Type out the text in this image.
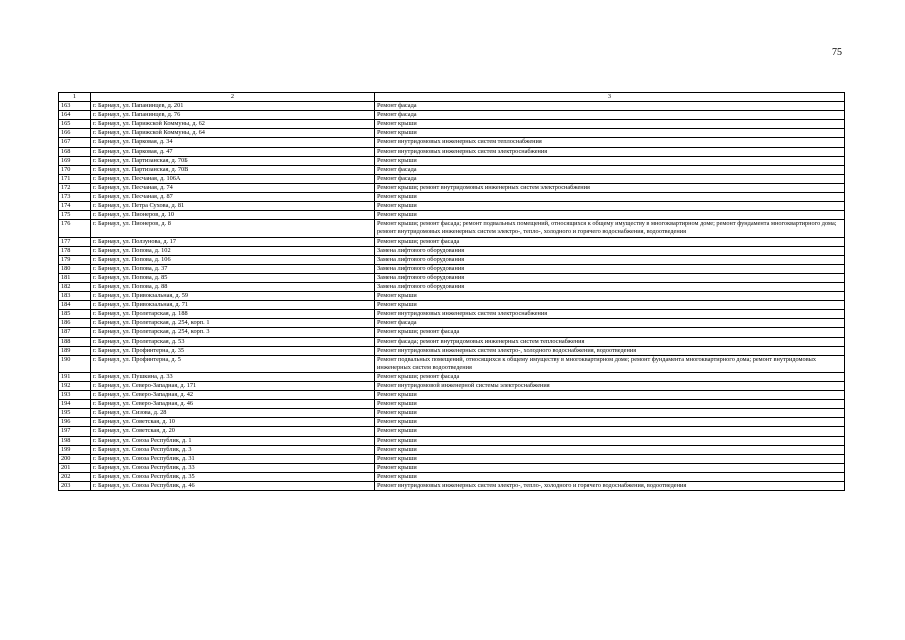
75
1	2	3
163	г. Барнаул, ул. Папанинцев, д. 201	Ремонт фасада
164	г. Барнаул, ул. Папанинцев, д. 76	Ремонт фасада
165	г. Барнаул, ул. Парижской Коммуны, д. 62	Ремонт крыши
166	г. Барнаул, ул. Парижской Коммуны, д. 64	Ремонт крыши
167	г. Барнаул, ул. Парковая, д. 34	Ремонт внутридомовых инженерных систем теплоснабжения
168	г. Барнаул, ул. Парковая, д. 47	Ремонт внутридомовых инженерных систем электроснабжения
169	г. Барнаул, ул. Партизанская, д. 70Б	Ремонт крыши
170	г. Барнаул, ул. Партизанская, д. 70В	Ремонт фасада
171	г. Барнаул, ул. Песчаная, д. 106А	Ремонт фасада
172	г. Барнаул, ул. Песчаная, д. 74	Ремонт крыши; ремонт внутридомовых инженерных систем электроснабжения
173	г. Барнаул, ул. Песчаная, д. 87	Ремонт крыши
174	г. Барнаул, ул. Петра Сухова, д. 81	Ремонт крыши
175	г. Барнаул, ул. Пионеров, д. 10	Ремонт крыши
176	г. Барнаул, ул. Пионеров, д. 8	Ремонт крыши; ремонт фасада; ремонт подвальных помещений, относящихся к общему имуществу в многоквартирном доме; ремонт фундамента многоквартирного дома; ремонт внутридомовых инженерных систем электро-, тепло-, холодного и горячего водоснабжения, водоотведения
177	г. Барнаул, ул. Ползунова, д. 17	Ремонт крыши; ремонт фасада
178	г. Барнаул, ул. Попова, д. 102	Замена лифтового оборудования
179	г. Барнаул, ул. Попова, д. 106	Замена лифтового оборудования
180	г. Барнаул, ул. Попова, д. 37	Замена лифтового оборудования
181	г. Барнаул, ул. Попова, д. 85	Замена лифтового оборудования
182	г. Барнаул, ул. Попова, д. 88	Замена лифтового оборудования
183	г. Барнаул, ул. Привокзальная, д. 59	Ремонт крыши
184	г. Барнаул, ул. Привокзальная, д. 71	Ремонт крыши
185	г. Барнаул, ул. Пролетарская, д. 188	Ремонт внутридомовых инженерных систем электроснабжения
186	г. Барнаул, ул. Пролетарская, д. 254, корп. 1	Ремонт фасада
187	г. Барнаул, ул. Пролетарская, д. 254, корп. 3	Ремонт крыши; ремонт фасада
188	г. Барнаул, ул. Пролетарская, д. 53	Ремонт фасада; ремонт внутридомовых инженерных систем теплоснабжения
189	г. Барнаул, ул. Профинтерна, д. 35	Ремонт внутридомовых инженерных систем электро-, холодного водоснабжения, водоотведения
190	г. Барнаул, ул. Профинтерна, д. 5	Ремонт подвальных помещений, относящихся к общему имуществу в многоквартирном доме; ремонт фундамента многоквартирного дома; ремонт внутридомовых инженерных систем водоотведения
191	г. Барнаул, ул. Пушкина, д. 33	Ремонт крыши; ремонт фасада
192	г. Барнаул, ул. Северо-Западная, д. 171	Ремонт внутридомовой инженерной системы электроснабжения
193	г. Барнаул, ул. Северо-Западная, д. 42	Ремонт крыши
194	г. Барнаул, ул. Северо-Западная, д. 46	Ремонт крыши
195	г. Барнаул, ул. Сизова, д. 28	Ремонт крыши
196	г. Барнаул, ул. Советская, д. 10	Ремонт крыши
197	г. Барнаул, ул. Советская, д. 20	Ремонт крыши
198	г. Барнаул, ул. Союза Республик, д. 1	Ремонт крыши
199	г. Барнаул, ул. Союза Республик, д. 3	Ремонт крыши
200	г. Барнаул, ул. Союза Республик, д. 31	Ремонт крыши
201	г. Барнаул, ул. Союза Республик, д. 33	Ремонт крыши
202	г. Барнаул, ул. Союза Республик, д. 35	Ремонт крыши
203	г. Барнаул, ул. Союза Республик, д. 46	Ремонт внутридомовых инженерных систем электро-, тепло-, холодного и горячего водоснабжения, водоотведения
